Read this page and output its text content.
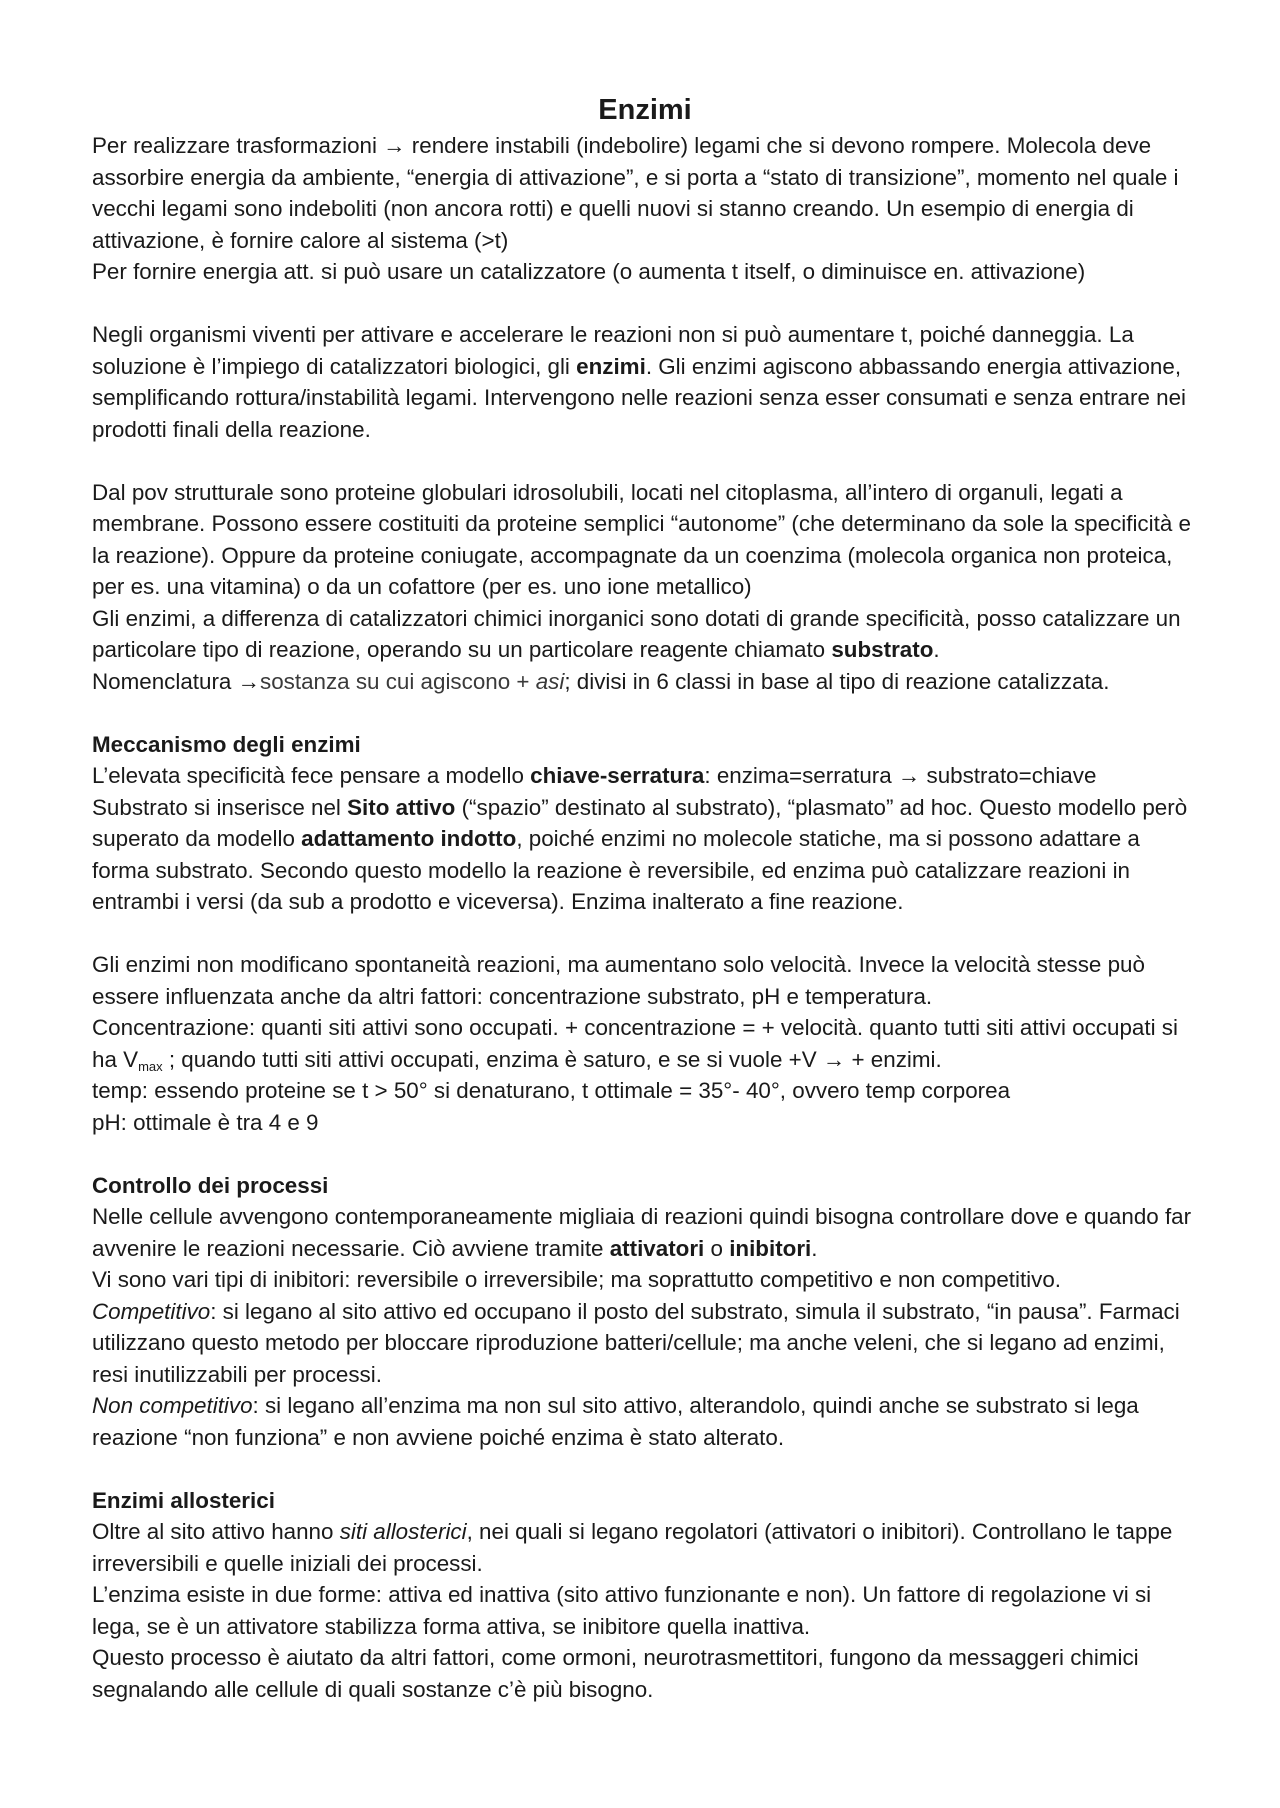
Enzimi

Per realizzare trasformazioni → rendere instabili (indebolire) legami che si devono rompere. Molecola deve assorbire energia da ambiente, “energia di attivazione”, e si porta a “stato di transizione”, momento nel quale i vecchi legami sono indeboliti (non ancora rotti) e quelli nuovi si stanno creando. Un esempio di energia di attivazione, è fornire calore al sistema (>t)

Per fornire energia att. si può usare un catalizzatore (o aumenta t itself, o diminuisce en. attivazione)

Negli organismi viventi per attivare e accelerare le reazioni non si può aumentare t, poiché danneggia. La soluzione è l’impiego di catalizzatori biologici, gli enzimi. Gli enzimi agiscono abbassando energia attivazione, semplificando rottura/instabilità legami. Intervengono nelle reazioni senza esser consumati e senza entrare nei prodotti finali della reazione.

Dal pov strutturale sono proteine globulari idrosolubili, locati nel citoplasma, all’intero di organuli, legati a membrane. Possono essere costituiti da proteine semplici “autonome” (che determinano da sole la specificità e la reazione). Oppure da proteine coniugate, accompagnate da un coenzima (molecola organica non proteica, per es. una vitamina) o da un cofattore (per es. uno ione metallico)

Gli enzimi, a differenza di catalizzatori chimici inorganici sono dotati di grande specificità, posso catalizzare un particolare tipo di reazione, operando su un particolare reagente chiamato substrato.

Nomenclatura →sostanza su cui agiscono + asi; divisi in 6 classi in base al tipo di reazione catalizzata.

Meccanismo degli enzimi

L’elevata specificità fece pensare a modello chiave-serratura: enzima=serratura → substrato=chiave

Substrato si inserisce nel Sito attivo (“spazio” destinato al substrato), “plasmato” ad hoc. Questo modello però superato da modello adattamento indotto, poiché enzimi no molecole statiche, ma si possono adattare a forma substrato. Secondo questo modello la reazione è reversibile, ed enzima può catalizzare reazioni in entrambi i versi (da sub a prodotto e viceversa). Enzima inalterato a fine reazione.

Gli enzimi non modificano spontaneità reazioni, ma aumentano solo velocità. Invece la velocità stesse può essere influenzata anche da altri fattori: concentrazione substrato, pH e temperatura.

Concentrazione: quanti siti attivi sono occupati. + concentrazione = + velocità. quanto tutti siti attivi occupati si ha $V_{max}$ ; quando tutti siti attivi occupati, enzima è saturo, e se si vuole +V → + enzimi.

temp: essendo proteine se t > 50° si denaturano, t ottimale = 35°- 40°, ovvero temp corporea

pH: ottimale è tra 4 e 9

Controllo dei processi

Nelle cellule avvengono contemporaneamente migliaia di reazioni quindi bisogna controllare dove e quando far avvenire le reazioni necessarie. Ciò avviene tramite attivatori o inibitori.

Vi sono vari tipi di inibitori: reversibile o irreversibile; ma soprattutto competitivo e non competitivo.

Competitivo: si legano al sito attivo ed occupano il posto del substrato, simula il substrato, “in pausa”. Farmaci utilizzano questo metodo per bloccare riproduzione batteri/cellule; ma anche veleni, che si legano ad enzimi, resi inutilizzabili per processi.

Non competitivo: si legano all’enzima ma non sul sito attivo, alterandolo, quindi anche se substrato si lega reazione “non funziona” e non avviene poiché enzima è stato alterato.

Enzimi allosterici

Oltre al sito attivo hanno siti allosterici, nei quali si legano regolatori (attivatori o inibitori). Controllano le tappe irreversibili e quelle iniziali dei processi.

L’enzima esiste in due forme: attiva ed inattiva (sito attivo funzionante e non). Un fattore di regolazione vi si lega, se è un attivatore stabilizza forma attiva, se inibitore quella inattiva.

Questo processo è aiutato da altri fattori, come ormoni, neurotrasmettitori, fungono da messaggeri chimici segnalando alle cellule di quali sostanze c’è più bisogno.
